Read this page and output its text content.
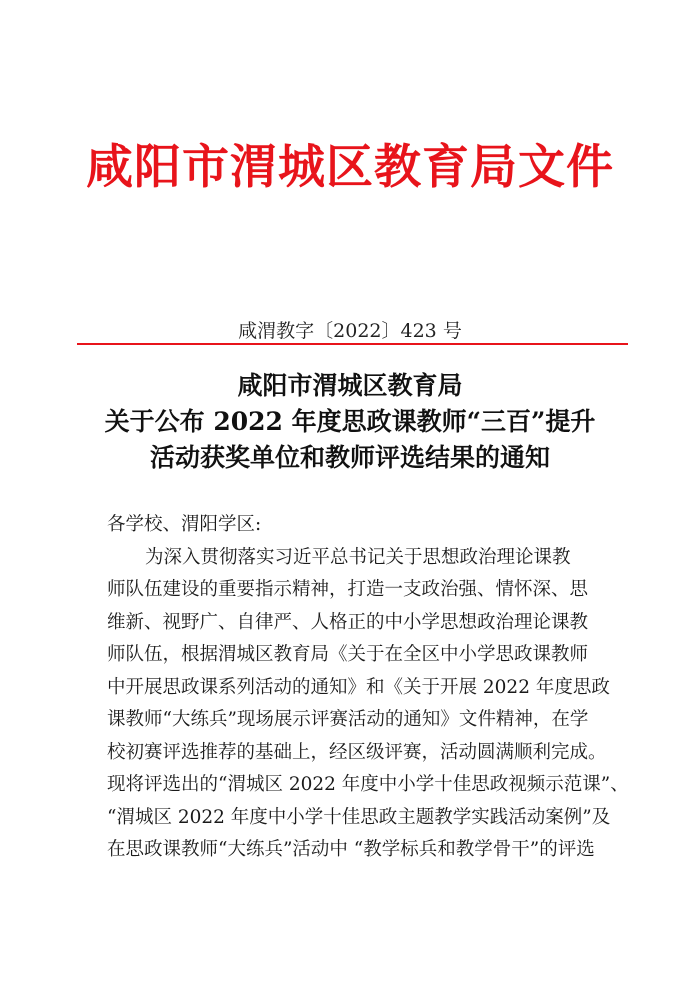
咸阳市渭城区教育局文件
咸渭教字〔2022〕423 号
咸阳市渭城区教育局
关于公布 2022 年度思政课教师“三百”提升
活动获奖单位和教师评选结果的通知
各学校、渭阳学区:
为深入贯彻落实习近平总书记关于思想政治理论课教
师队伍建设的重要指示精神，打造一支政治强、情怀深、思
维新、视野广、自律严、人格正的中小学思想政治理论课教
师队伍，根据渭城区教育局《关于在全区中小学思政课教师
中开展思政课系列活动的通知》和《关于开展 2022 年度思政
课教师“大练兵”现场展示评赛活动的通知》文件精神，在学
校初赛评选推荐的基础上，经区级评赛，活动圆满顺利完成。
现将评选出的“渭城区 2022 年度中小学十佳思政视频示范课”、
“渭城区 2022 年度中小学十佳思政主题教学实践活动案例”及
在思政课教师“大练兵”活动中 “教学标兵和教学骨干”的评选
